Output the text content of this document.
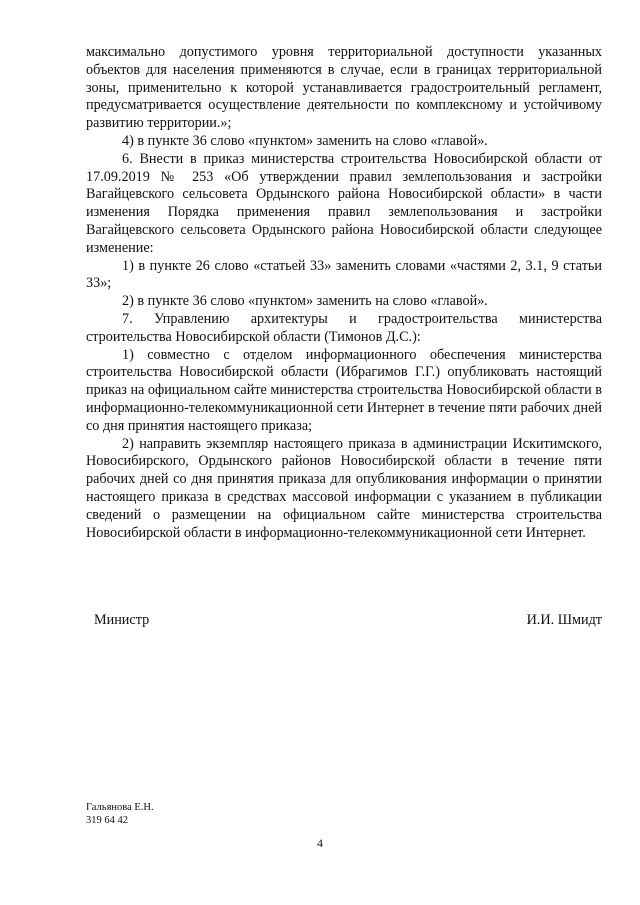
максимально допустимого уровня территориальной доступности указанных объектов для населения применяются в случае, если в границах территориальной зоны, применительно к которой устанавливается градостроительный регламент, предусматривается осуществление деятельности по комплексному и устойчивому развитию территории.»;

4) в пункте 36 слово «пунктом» заменить на слово «главой».

6. Внести в приказ министерства строительства Новосибирской области от 17.09.2019 № 253 «Об утверждении правил землепользования и застройки Вагайцевского сельсовета Ордынского района Новосибирской области» в части изменения Порядка применения правил землепользования и застройки Вагайцевского сельсовета Ордынского района Новосибирской области следующее изменение:

1) в пункте 26 слово «статьей 33» заменить словами «частями 2, 3.1, 9 статьи 33»;

2) в пункте 36 слово «пунктом» заменить на слово «главой».

7. Управлению архитектуры и градостроительства министерства строительства Новосибирской области (Тимонов Д.С.):

1) совместно с отделом информационного обеспечения министерства строительства Новосибирской области (Ибрагимов Г.Г.) опубликовать настоящий приказ на официальном сайте министерства строительства Новосибирской области в информационно-телекоммуникационной сети Интернет в течение пяти рабочих дней со дня принятия настоящего приказа;

2) направить экземпляр настоящего приказа в администрации Искитимского, Новосибирского, Ордынского районов Новосибирской области в течение пяти рабочих дней со дня принятия приказа для опубликования информации о принятии настоящего приказа в средствах массовой информации с указанием в публикации сведений о размещении на официальном сайте министерства строительства Новосибирской области в информационно-телекоммуникационной сети Интернет.

Министр	И.И. Шмидт
Гальянова Е.Н.
319 64 42
4
